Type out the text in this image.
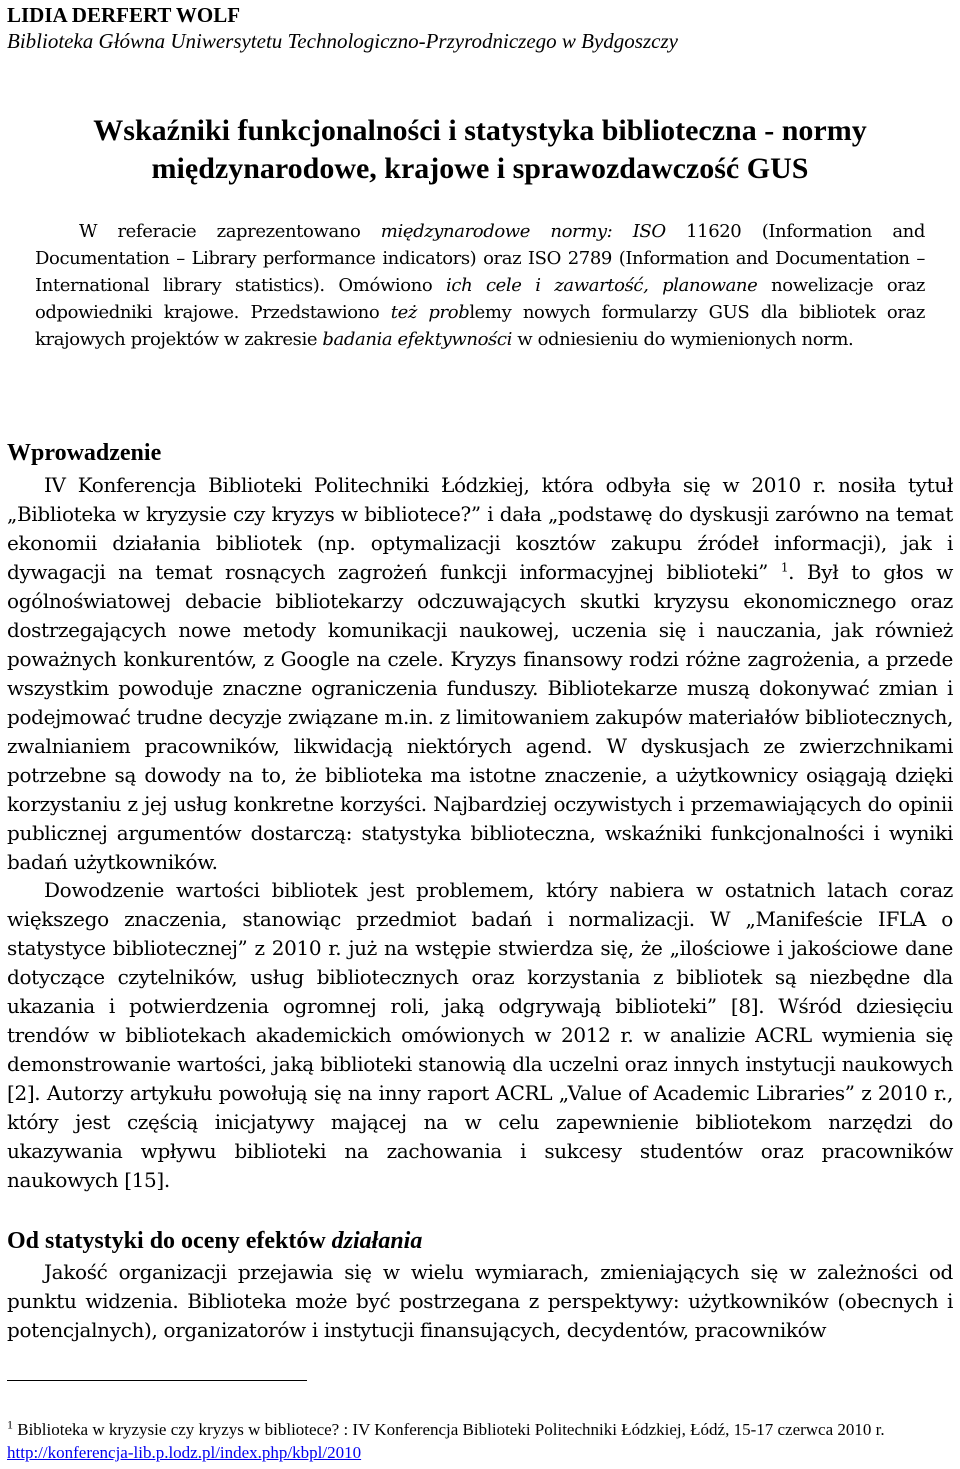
LIDIA DERFERT WOLF
Biblioteka Główna Uniwersytetu Technologiczno-Przyrodniczego w Bydgoszczy
Wskaźniki funkcjonalności i statystyka biblioteczna - normy
międzynarodowe, krajowe i sprawozdawczość GUS

W referacie zaprezentowano międzynarodowe normy: ISO 11620 (Information and Documentation – Library performance indicators) oraz ISO 2789 (Information and Documentation – International library statistics). Omówiono ich cele i zawartość, planowane nowelizacje oraz odpowiedniki krajowe. Przedstawiono też problemy nowych formularzy GUS dla bibliotek oraz krajowych projektów w zakresie badania efektywności w odniesieniu do wymienionych norm.

Wprowadzenie

IV Konferencja Biblioteki Politechniki Łódzkiej, która odbyła się w 2010 r. nosiła tytuł „Biblioteka w kryzysie czy kryzys w bibliotece?” i dała „podstawę do dyskusji zarówno na temat ekonomii działania bibliotek (np. optymalizacji kosztów zakupu źródeł informacji), jak i dywagacji na temat rosnących zagrożeń funkcji informacyjnej biblioteki” $^1$. Był to głos w ogólnoświatowej debacie bibliotekarzy odczuwających skutki kryzysu ekonomicznego oraz dostrzegających nowe metody komunikacji naukowej, uczenia się i nauczania, jak również poważnych konkurentów, z Google na czele. Kryzys finansowy rodzi różne zagrożenia, a przede wszystkim powoduje znaczne ograniczenia funduszy. Bibliotekarze muszą dokonywać zmian i podejmować trudne decyzje związane m.in. z limitowaniem zakupów materiałów bibliotecznych, zwalnianiem pracowników, likwidacją niektórych agend. W dyskusjach ze zwierzchnikami potrzebne są dowody na to, że biblioteka ma istotne znaczenie, a użytkownicy osiągają dzięki korzystaniu z jej usług konkretne korzyści. Najbardziej oczywistych i przemawiających do opinii publicznej argumentów dostarczą: statystyka biblioteczna, wskaźniki funkcjonalności i wyniki badań użytkowników.

Dowodzenie wartości bibliotek jest problemem, który nabiera w ostatnich latach coraz większego znaczenia, stanowiąc przedmiot badań i normalizacji. W „Manifeście IFLA o statystyce bibliotecznej” z 2010 r. już na wstępie stwierdza się, że „ilościowe i jakościowe dane dotyczące czytelników, usług bibliotecznych oraz korzystania z bibliotek są niezbędne dla ukazania i potwierdzenia ogromnej roli, jaką odgrywają biblioteki” [8]. Wśród dziesięciu trendów w bibliotekach akademickich omówionych w 2012 r. w analizie ACRL wymienia się demonstrowanie wartości, jaką biblioteki stanowią dla uczelni oraz innych instytucji naukowych [2]. Autorzy artykułu powołują się na inny raport ACRL „Value of Academic Libraries” z 2010 r., który jest częścią inicjatywy mającej na w celu zapewnienie bibliotekom narzędzi do ukazywania wpływu biblioteki na zachowania i sukcesy studentów oraz pracowników naukowych [15].

Od statystyki do oceny efektów działania

Jakość organizacji przejawia się w wielu wymiarach, zmieniających się w zależności od punktu widzenia. Biblioteka może być postrzegana z perspektywy: użytkowników (obecnych i potencjalnych), organizatorów i instytucji finansujących, decydentów, pracowników

$^1$ Biblioteka w kryzysie czy kryzys w bibliotece? : IV Konferencja Biblioteki Politechniki Łódzkiej, Łódź, 15-17 czerwca 2010 r. http://konferencja-lib.p.lodz.pl/index.php/kbpl/2010
